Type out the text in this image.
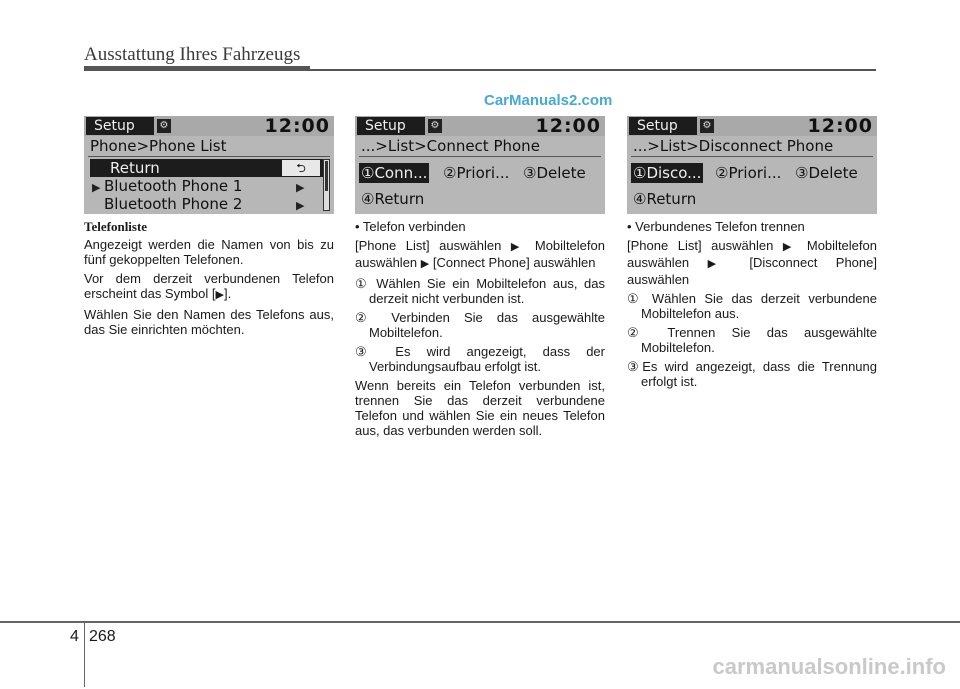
Ausstattung Ihres Fahrzeugs
CarManuals2.com
Setup	⚙	12:00
Phone>Phone List
Return	⮌
▶ Bluetooth Phone 1	▶
Bluetooth Phone 2	▶
Setup	⚙	12:00
...>List>Connect Phone
①Conn... ②Priori... ③Delete
④Return
Setup	⚙	12:00
...>List>Disconnect Phone
①Disco... ②Priori... ③Delete
④Return

Telefonliste

Angezeigt werden die Namen von bis zu fünf gekoppelten Telefonen.

Vor dem derzeit verbundenen Telefon erscheint das Symbol [▶].

Wählen Sie den Namen des Telefons aus, das Sie einrichten möchten.

• Telefon verbinden

[Phone List] auswählen ▶ Mobiltelefon auswählen ▶ [Connect Phone] auswählen

① Wählen Sie ein Mobiltelefon aus, das derzeit nicht verbunden ist.

② Verbinden Sie das ausgewählte Mobiltelefon.

③ Es wird angezeigt, dass der Verbindungsaufbau erfolgt ist.

Wenn bereits ein Telefon verbunden ist, trennen Sie das derzeit verbundene Telefon und wählen Sie ein neues Telefon aus, das verbunden werden soll.

• Verbundenes Telefon trennen

[Phone List] auswählen ▶ Mobiltelefon auswählen ▶ [Disconnect Phone] auswählen

① Wählen Sie das derzeit verbundene Mobiltelefon aus.

② Trennen Sie das ausgewählte Mobiltelefon.

③Es wird angezeigt, dass die Trennung erfolgt ist.

4 268
carmanualsonline.info
